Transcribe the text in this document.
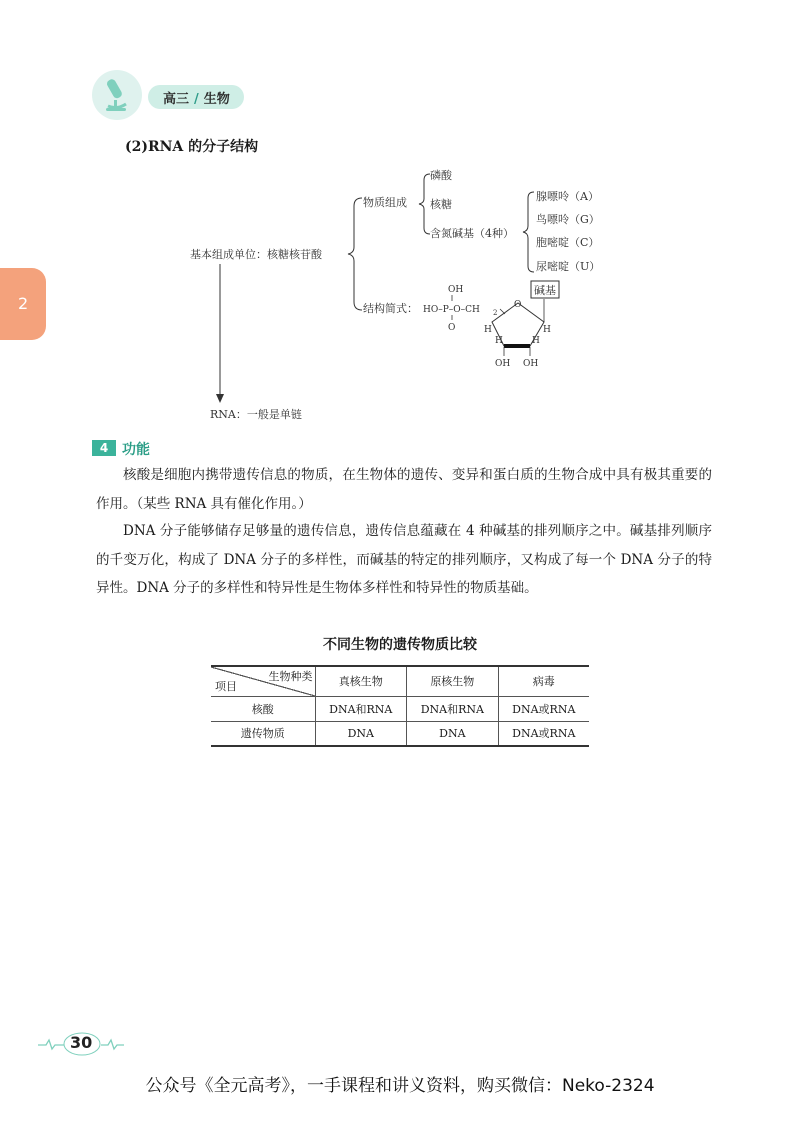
高三 / 生物
2
(2)RNA 的分子结构
基本组成单位：核糖核苷酸
物质组成
磷酸
核糖
含氮碱基（4种）
腺嘌呤（A）
鸟嘌呤（G）
胞嘧啶（C）
尿嘧啶（U）
结构简式：
OH
HO–P–O–CH 2
O
O
H
H	H
H
OH OH
碱基
RNA：一般是单链
4 功能
核酸是细胞内携带遗传信息的物质，在生物体的遗传、变异和蛋白质的生物合成中具有极其重要的作用。（某些 RNA 具有催化作用。）
DNA 分子能够储存足够量的遗传信息，遗传信息蕴藏在 4 种碱基的排列顺序之中。碱基排列顺序的千变万化，构成了 DNA 分子的多样性，而碱基的特定的排列顺序，又构成了每一个 DNA 分子的特异性。DNA 分子的多样性和特异性是生物体多样性和特异性的物质基础。
不同生物的遗传物质比较
生物种类
项目	真核生物	原核生物	病毒
核酸	DNA和RNA	DNA和RNA	DNA或RNA
遗传物质	DNA	DNA	DNA或RNA
30
公众号《全元高考》，一手课程和讲义资料，购买微信：Neko-2324
